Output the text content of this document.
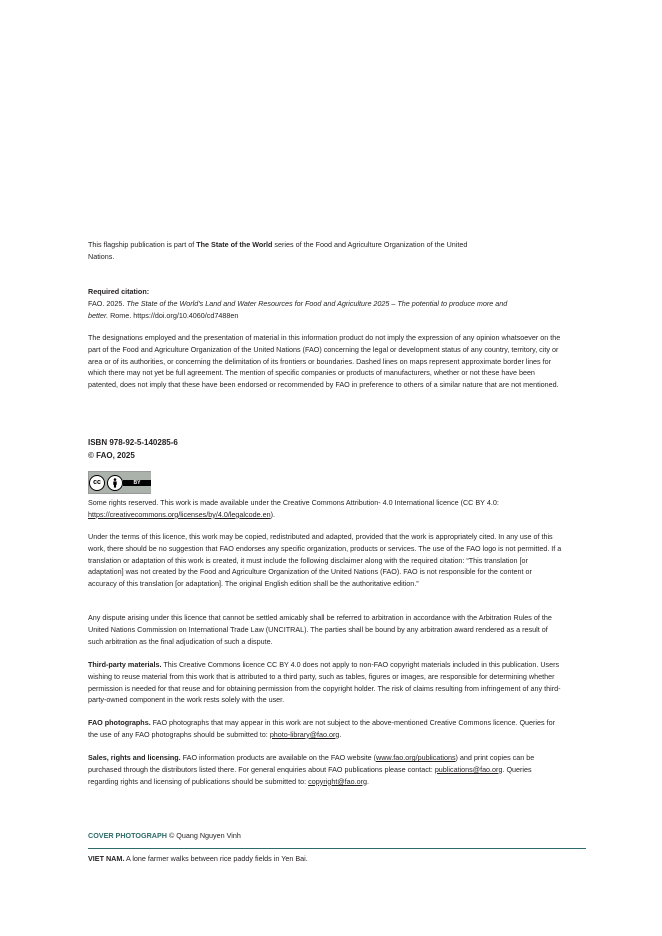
This flagship publication is part of The State of the World series of the Food and Agriculture Organization of the United Nations.

Required citation:

FAO. 2025. The State of the World's Land and Water Resources for Food and Agriculture 2025 – The potential to produce more and better. Rome. https://doi.org/10.4060/cd7488en

The designations employed and the presentation of material in this information product do not imply the expression of any opinion whatsoever on the part of the Food and Agriculture Organization of the United Nations (FAO) concerning the legal or development status of any country, territory, city or area or of its authorities, or concerning the delimitation of its frontiers or boundaries. Dashed lines on maps represent approximate border lines for which there may not yet be full agreement. The mention of specific companies or products of manufacturers, whether or not these have been patented, does not imply that these have been endorsed or recommended by FAO in preference to others of a similar nature that are not mentioned.

ISBN 978-92-5-140285-6
© FAO, 2025
cc	BY

Some rights reserved. This work is made available under the Creative Commons Attribution- 4.0 International licence (CC BY 4.0: https://creativecommons.org/licenses/by/4.0/legalcode.en).

Under the terms of this licence, this work may be copied, redistributed and adapted, provided that the work is appropriately cited. In any use of this work, there should be no suggestion that FAO endorses any specific organization, products or services. The use of the FAO logo is not permitted. If a translation or adaptation of this work is created, it must include the following disclaimer along with the required citation: “This translation [or adaptation] was not created by the Food and Agriculture Organization of the United Nations (FAO). FAO is not responsible for the content or accuracy of this translation [or adaptation]. The original English edition shall be the authoritative edition.”

Any dispute arising under this licence that cannot be settled amicably shall be referred to arbitration in accordance with the Arbitration Rules of the United Nations Commission on International Trade Law (UNCITRAL). The parties shall be bound by any arbitration award rendered as a result of such arbitration as the final adjudication of such a dispute.

Third-party materials. This Creative Commons licence CC BY 4.0 does not apply to non-FAO copyright materials included in this publication. Users wishing to reuse material from this work that is attributed to a third party, such as tables, figures or images, are responsible for determining whether permission is needed for that reuse and for obtaining permission from the copyright holder. The risk of claims resulting from infringement of any third-party-owned component in the work rests solely with the user.

FAO photographs. FAO photographs that may appear in this work are not subject to the above-mentioned Creative Commons licence. Queries for the use of any FAO photographs should be submitted to: photo-library@fao.org.

Sales, rights and licensing. FAO information products are available on the FAO website (www.fao.org/publications) and print copies can be purchased through the distributors listed there. For general enquiries about FAO publications please contact: publications@fao.org. Queries regarding rights and licensing of publications should be submitted to: copyright@fao.org.

COVER PHOTOGRAPH © Quang Nguyen Vinh
VIET NAM. A lone farmer walks between rice paddy fields in Yen Bai.
